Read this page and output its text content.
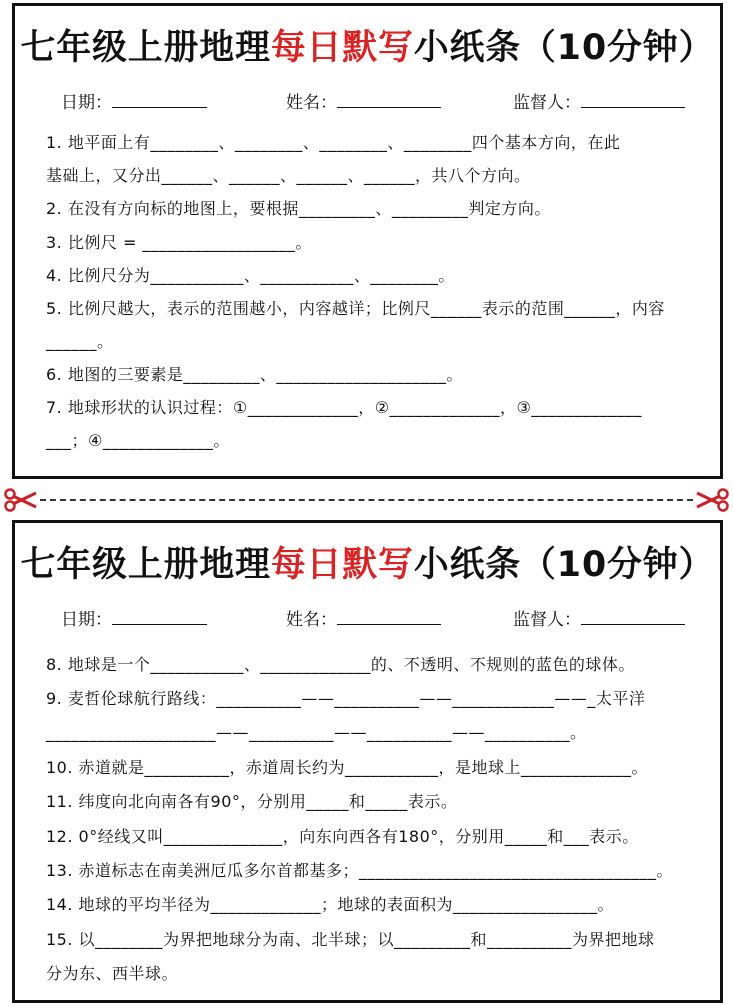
七年级上册地理每日默写小纸条（10分钟）
日期：	姓名：	监督人：
1. 地平面上有________、________、________、________四个基本方向，在此
基础上，又分出______、______、______、______，共八个方向。
2. 在没有方向标的地图上，要根据_________、_________判定方向。
3. 比例尺 = __________________。
4. 比例尺分为___________、___________、________。
5. 比例尺越大，表示的范围越小，内容越详；比例尺______表示的范围______，内容
______。
6. 地图的三要素是_________、____________________。
7. 地球形状的认识过程：①_____________，②_____________，③_____________
___；④_____________。
七年级上册地理每日默写小纸条（10分钟）
日期：	姓名：	监督人：
8. 地球是一个___________、_____________的、不透明、不规则的蓝色的球体。
9. 麦哲伦球航行路线：__________——__________——____________——_太平洋
____________________——__________——__________——__________。
10. 赤道就是__________，赤道周长约为___________，是地球上_____________。
11. 纬度向北向南各有90°，分别用_____和_____表示。
12. 0°经线又叫______________，向东向西各有180°，分别用_____和___表示。
13. 赤道标志在南美洲厄瓜多尔首都基多；___________________________________。
14. 地球的平均半径为_____________；地球的表面积为_________________。
15. 以________为界把地球分为南、北半球；以_________和__________为界把地球
分为东、西半球。
